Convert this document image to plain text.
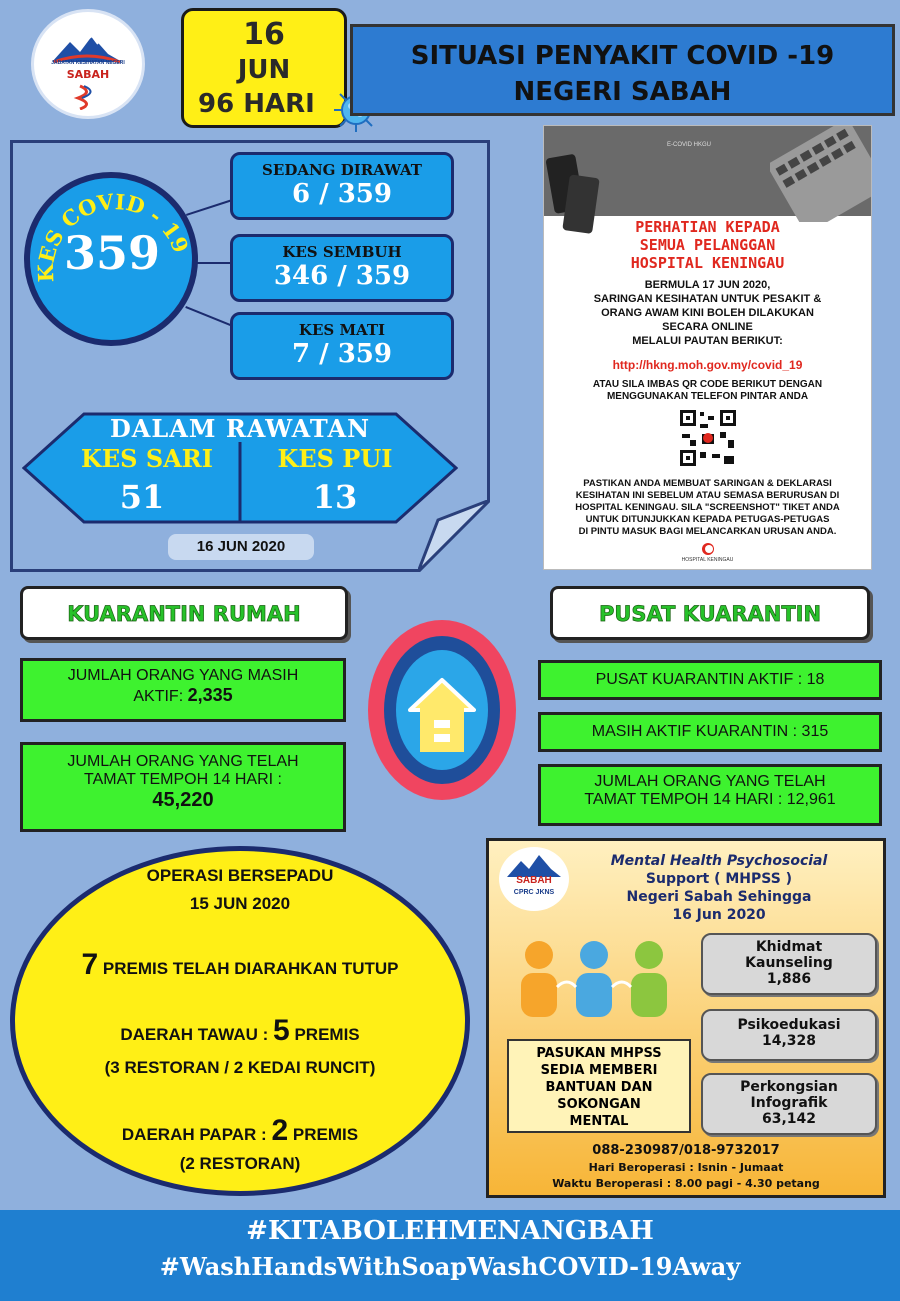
JABATAN KESIHATAN NEGERI
SABAH
16
JUN
96 HARI
SITUASI PENYAKIT COVID -19
NEGERI SABAH
KES COVID - 19
359
SEDANG DIRAWAT
6 / 359
KES SEMBUH
346 / 359
KES MATI
7 / 359
DALAM RAWATAN
KES SARI	KES PUI
51	13
16 JUN 2020
E-COVID HKGU
PERHATIAN KEPADA
SEMUA PELANGGAN
HOSPITAL KENINGAU
BERMULA 17 JUN 2020,
SARINGAN KESIHATAN UNTUK PESAKIT &
ORANG AWAM KINI BOLEH DILAKUKAN
SECARA ONLINE
MELALUI PAUTAN BERIKUT:
http://hkng.moh.gov.my/covid_19
ATAU SILA IMBAS QR CODE BERIKUT DENGAN
MENGGUNAKAN TELEFON PINTAR ANDA
PASTIKAN ANDA MEMBUAT SARINGAN & DEKLARASI
KESIHATAN INI SEBELUM ATAU SEMASA BERURUSAN DI
HOSPITAL KENINGAU. SILA "SCREENSHOT" TIKET ANDA
UNTUK DITUNJUKKAN KEPADA PETUGAS-PETUGAS
DI PINTU MASUK BAGI MELANCARKAN URUSAN ANDA.
HOSPITAL KENINGAU
KUARANTIN RUMAH
JUMLAH ORANG YANG MASIH
AKTIF: 2,335
JUMLAH ORANG YANG TELAH
TAMAT TEMPOH 14 HARI :
45,220
PUSAT KUARANTIN
PUSAT KUARANTIN AKTIF : 18
MASIH AKTIF KUARANTIN : 315
JUMLAH ORANG YANG TELAH
TAMAT TEMPOH 14 HARI : 12,961
OPERASI BERSEPADU
15 JUN 2020
7 PREMIS TELAH DIARAHKAN TUTUP
DAERAH TAWAU : 5 PREMIS
(3 RESTORAN / 2 KEDAI RUNCIT)
DAERAH PAPAR : 2 PREMIS
(2 RESTORAN)
SABAH
CPRC JKNS
Mental Health Psychosocial
Support ( MHPSS )
Negeri Sabah Sehingga
16 Jun 2020
PASUKAN MHPSS
SEDIA MEMBERI
BANTUAN DAN
SOKONGAN
MENTAL
Khidmat
Kaunseling
1,886
Psikoedukasi
14,328
Perkongsian
Infografik
63,142
088-230987/018-9732017
Hari Beroperasi : Isnin - Jumaat
Waktu Beroperasi : 8.00 pagi - 4.30 petang
#KITABOLEHMENANGBAH
#WashHandsWithSoapWashCOVID-19Away
